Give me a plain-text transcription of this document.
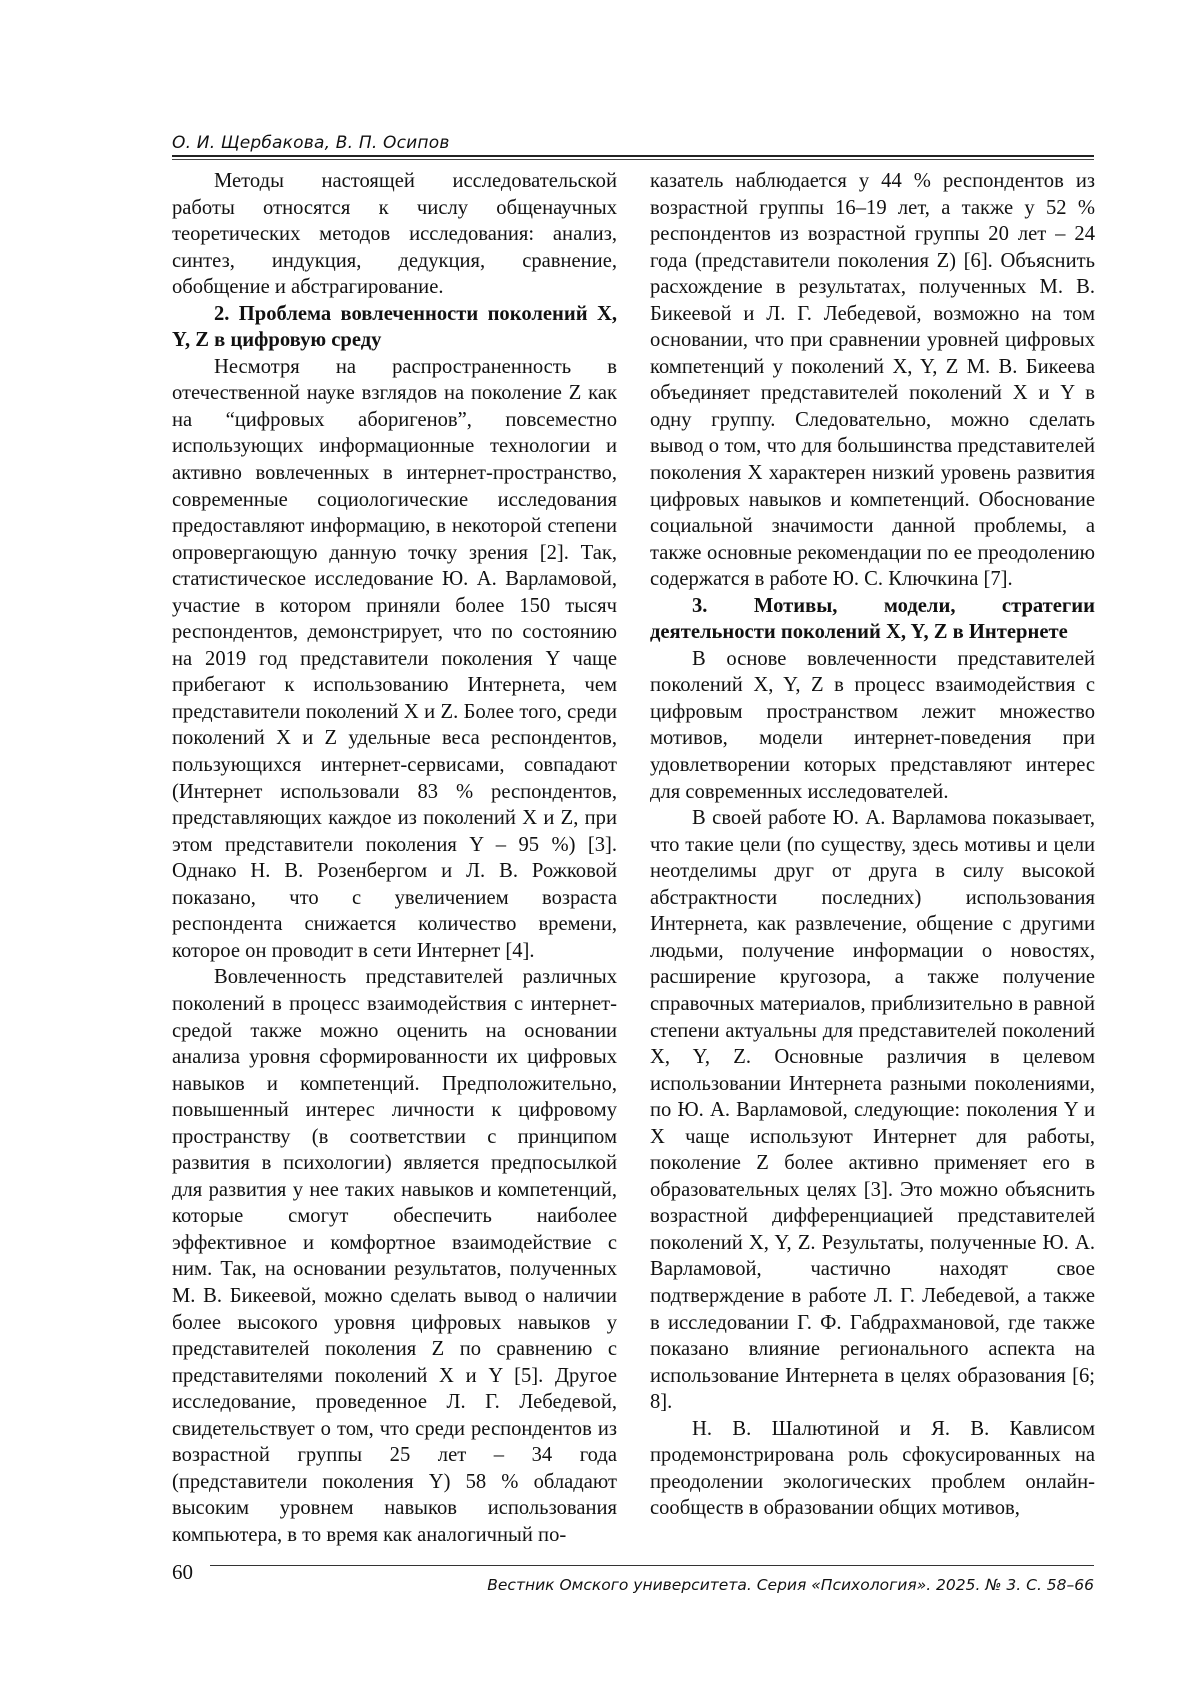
О. И. Щербакова, В. П. Осипов

Методы настоящей исследовательской работы относятся к числу общенаучных теоретических методов исследования: анализ, синтез, индукция, дедукция, сравнение, обобщение и абстрагирование.

2. Проблема вовлеченности поколений X, Y, Z в цифровую среду

Несмотря на распространенность в отечественной науке взглядов на поколение Z как на “цифровых аборигенов”, повсеместно использующих информационные технологии и активно вовлеченных в интернет-пространство, современные социологические исследования предоставляют информацию, в некоторой степени опровергающую данную точку зрения [2]. Так, статистическое исследование Ю. А. Варламовой, участие в котором приняли более 150 тысяч респондентов, демонстрирует, что по состоянию на 2019 год представители поколения Y чаще прибегают к использованию Интернета, чем представители поколений X и Z. Более того, среди поколений X и Z удельные веса респондентов, пользующихся интернет-сервисами, совпадают (Интернет использовали 83 % респондентов, представляющих каждое из поколений X и Z, при этом представители поколения Y – 95 %) [3]. Однако Н. В. Розенбергом и Л. В. Рожковой показано, что с увеличением возраста респондента снижается количество времени, которое он проводит в сети Интернет [4].

Вовлеченность представителей различных поколений в процесс взаимодействия с интернет-средой также можно оценить на основании анализа уровня сформированности их цифровых навыков и компетенций. Предположительно, повышенный интерес личности к цифровому пространству (в соответствии с принципом развития в психологии) является предпосылкой для развития у нее таких навыков и компетенций, которые смогут обеспечить наиболее эффективное и комфортное взаимодействие с ним. Так, на основании результатов, полученных М. В. Бикеевой, можно сделать вывод о наличии более высокого уровня цифровых навыков у представителей поколения Z по сравнению с представителями поколений X и Y [5]. Другое исследование, проведенное Л. Г. Лебедевой, свидетельствует о том, что среди респондентов из возрастной группы 25 лет – 34 года (представители поколения Y) 58 % обладают высоким уровнем навыков использования компьютера, в то время как аналогичный по-

казатель наблюдается у 44 % респондентов из возрастной группы 16–19 лет, а также у 52 % респондентов из возрастной группы 20 лет – 24 года (представители поколения Z) [6]. Объяснить расхождение в результатах, полученных М. В. Бикеевой и Л. Г. Лебедевой, возможно на том основании, что при сравнении уровней цифровых компетенций у поколений X, Y, Z М. В. Бикеева объединяет представителей поколений X и Y в одну группу. Следовательно, можно сделать вывод о том, что для большинства представителей поколения X характерен низкий уровень развития цифровых навыков и компетенций. Обоснование социальной значимости данной проблемы, а также основные рекомендации по ее преодолению содержатся в работе Ю. С. Ключкина [7].

3. Мотивы, модели, стратегии деятельности поколений X, Y, Z в Интернете

В основе вовлеченности представителей поколений X, Y, Z в процесс взаимодействия с цифровым пространством лежит множество мотивов, модели интернет-поведения при удовлетворении которых представляют интерес для современных исследователей.

В своей работе Ю. А. Варламова показывает, что такие цели (по существу, здесь мотивы и цели неотделимы друг от друга в силу высокой абстрактности последних) использования Интернета, как развлечение, общение с другими людьми, получение информации о новостях, расширение кругозора, а также получение справочных материалов, приблизительно в равной степени актуальны для представителей поколений X, Y, Z. Основные различия в целевом использовании Интернета разными поколениями, по Ю. А. Варламовой, следующие: поколения Y и X чаще используют Интернет для работы, поколение Z более активно применяет его в образовательных целях [3]. Это можно объяснить возрастной дифференциацией представителей поколений X, Y, Z. Результаты, полученные Ю. А. Варламовой, частично находят свое подтверждение в работе Л. Г. Лебедевой, а также в исследовании Г. Ф. Габдрахмановой, где также показано влияние регионального аспекта на использование Интернета в целях образования [6; 8].

Н. В. Шалютиной и Я. В. Кавлисом продемонстрирована роль сфокусированных на преодолении экологических проблем онлайн-сообществ в образовании общих мотивов,

60
Вестник Омского университета. Серия «Психология». 2025. № 3. С. 58–66
